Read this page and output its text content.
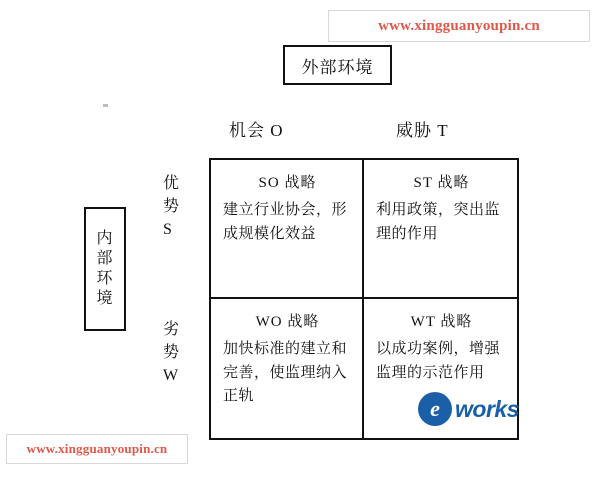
www.xingguanyoupin.cn
www.xingguanyoupin.cn
外部环境
内部环境
机会 O	威胁 T
优
势
S
劣
势
W
SO 战略
建立行业协会，形成规模化效益
ST 战略
利用政策，突出监理的作用
WO 战略
加快标准的建立和完善，使监理纳入正轨
WT 战略
以成功案例，增强监理的示范作用
e works
